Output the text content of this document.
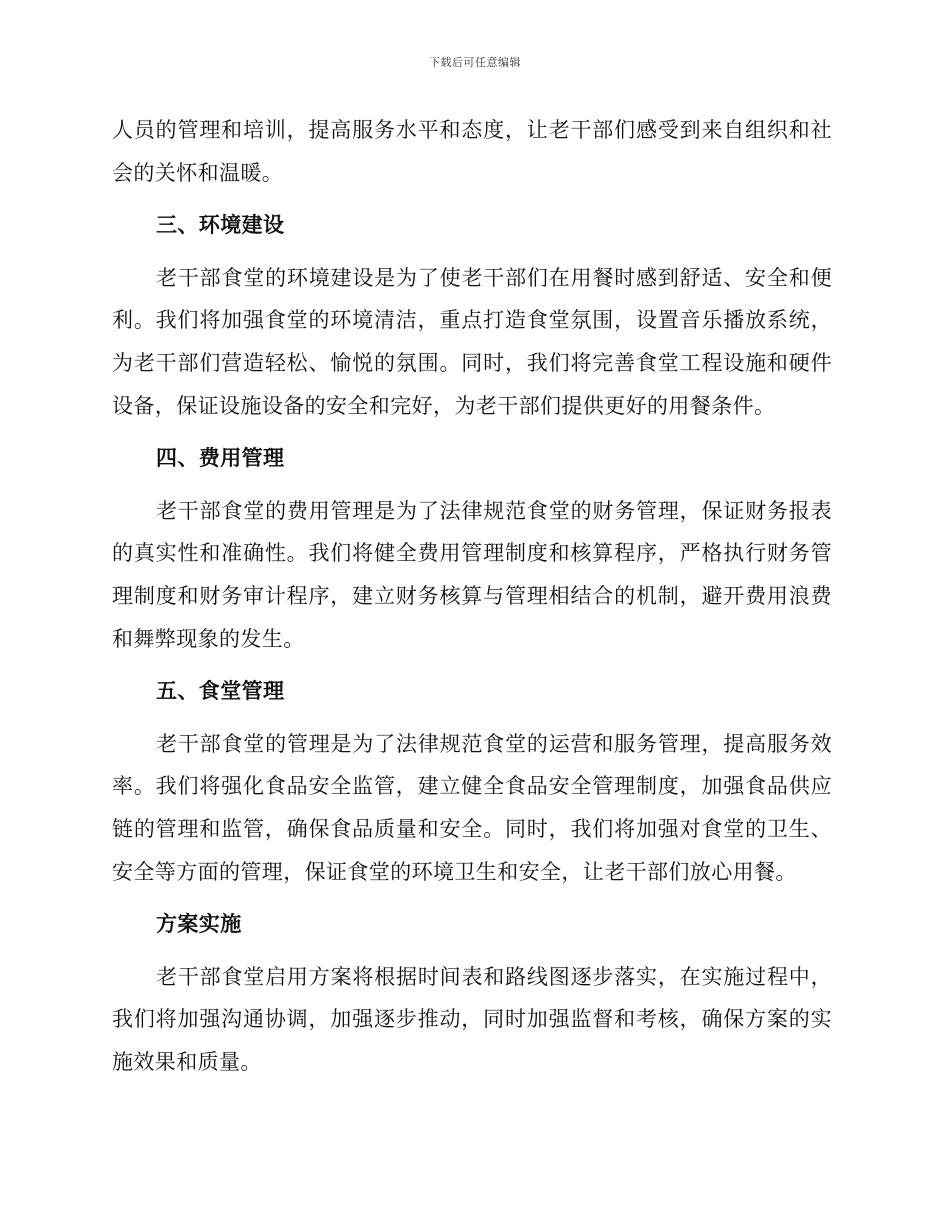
下载后可任意编辑

人员的管理和培训，提高服务水平和态度，让老干部们感受到来自组织和社会的关怀和温暖。

三、环境建设

老干部食堂的环境建设是为了使老干部们在用餐时感到舒适、安全和便利。我们将加强食堂的环境清洁，重点打造食堂氛围，设置音乐播放系统，为老干部们营造轻松、愉悦的氛围。同时，我们将完善食堂工程设施和硬件设备，保证设施设备的安全和完好，为老干部们提供更好的用餐条件。

四、费用管理

老干部食堂的费用管理是为了法律规范食堂的财务管理，保证财务报表的真实性和准确性。我们将健全费用管理制度和核算程序，严格执行财务管理制度和财务审计程序，建立财务核算与管理相结合的机制，避开费用浪费和舞弊现象的发生。

五、食堂管理

老干部食堂的管理是为了法律规范食堂的运营和服务管理，提高服务效率。我们将强化食品安全监管，建立健全食品安全管理制度，加强食品供应链的管理和监管，确保食品质量和安全。同时，我们将加强对食堂的卫生、安全等方面的管理，保证食堂的环境卫生和安全，让老干部们放心用餐。

方案实施

老干部食堂启用方案将根据时间表和路线图逐步落实，在实施过程中，我们将加强沟通协调，加强逐步推动，同时加强监督和考核，确保方案的实施效果和质量。
